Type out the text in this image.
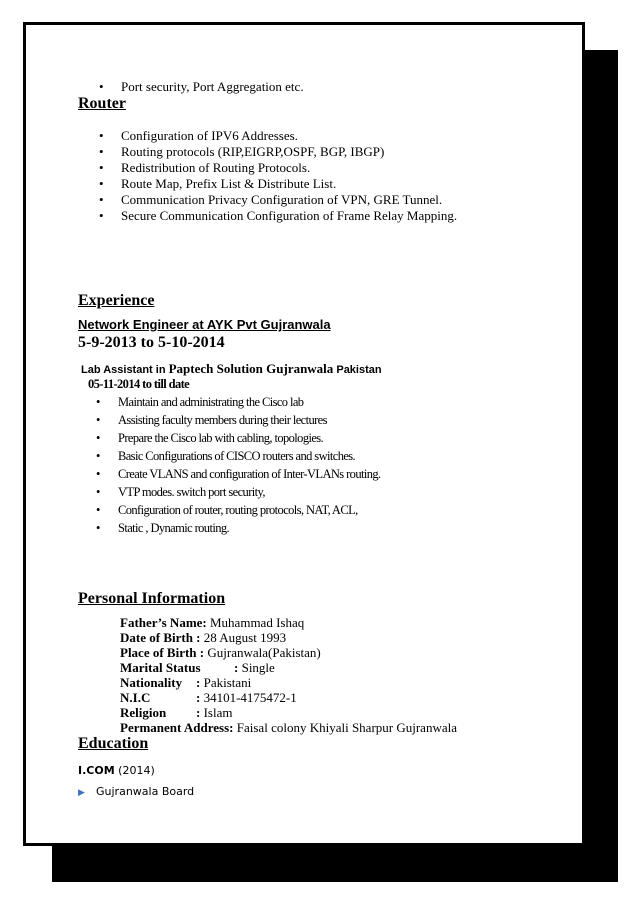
• Port security, Port Aggregation etc.
Router
• Configuration of IPV6 Addresses.
• Routing protocols (RIP,EIGRP,OSPF, BGP, IBGP)
• Redistribution of Routing Protocols.
• Route Map, Prefix List & Distribute List.
• Communication Privacy Configuration of VPN, GRE Tunnel.
• Secure Communication Configuration of Frame Relay Mapping.
Experience
Network Engineer at AYK Pvt Gujranwala
5-9-2013 to 5-10-2014
Lab Assistant in Paptech Solution Gujranwala Pakistan
05-11-2014 to till date
• Maintain and administrating the Cisco lab
• Assisting faculty members during their lectures
• Prepare the Cisco lab with cabling, topologies.
• Basic Configurations of CISCO routers and switches.
• Create VLANS and configuration of Inter-VLANs routing.
• VTP modes. switch port security,
• Configuration of router, routing protocols, NAT, ACL,
• Static , Dynamic routing.
Personal Information
Father’s Name: Muhammad Ishaq
Date of Birth : 28 August 1993
Place of Birth : Gujranwala(Pakistan)
Marital Status	: Single
Nationality : Pakistani
N.I.C	: 34101-4175472-1
Religion : Islam
Permanent Address: Faisal colony Khiyali Sharpur Gujranwala
Education
I.COM (2014)
▶ Gujranwala Board
